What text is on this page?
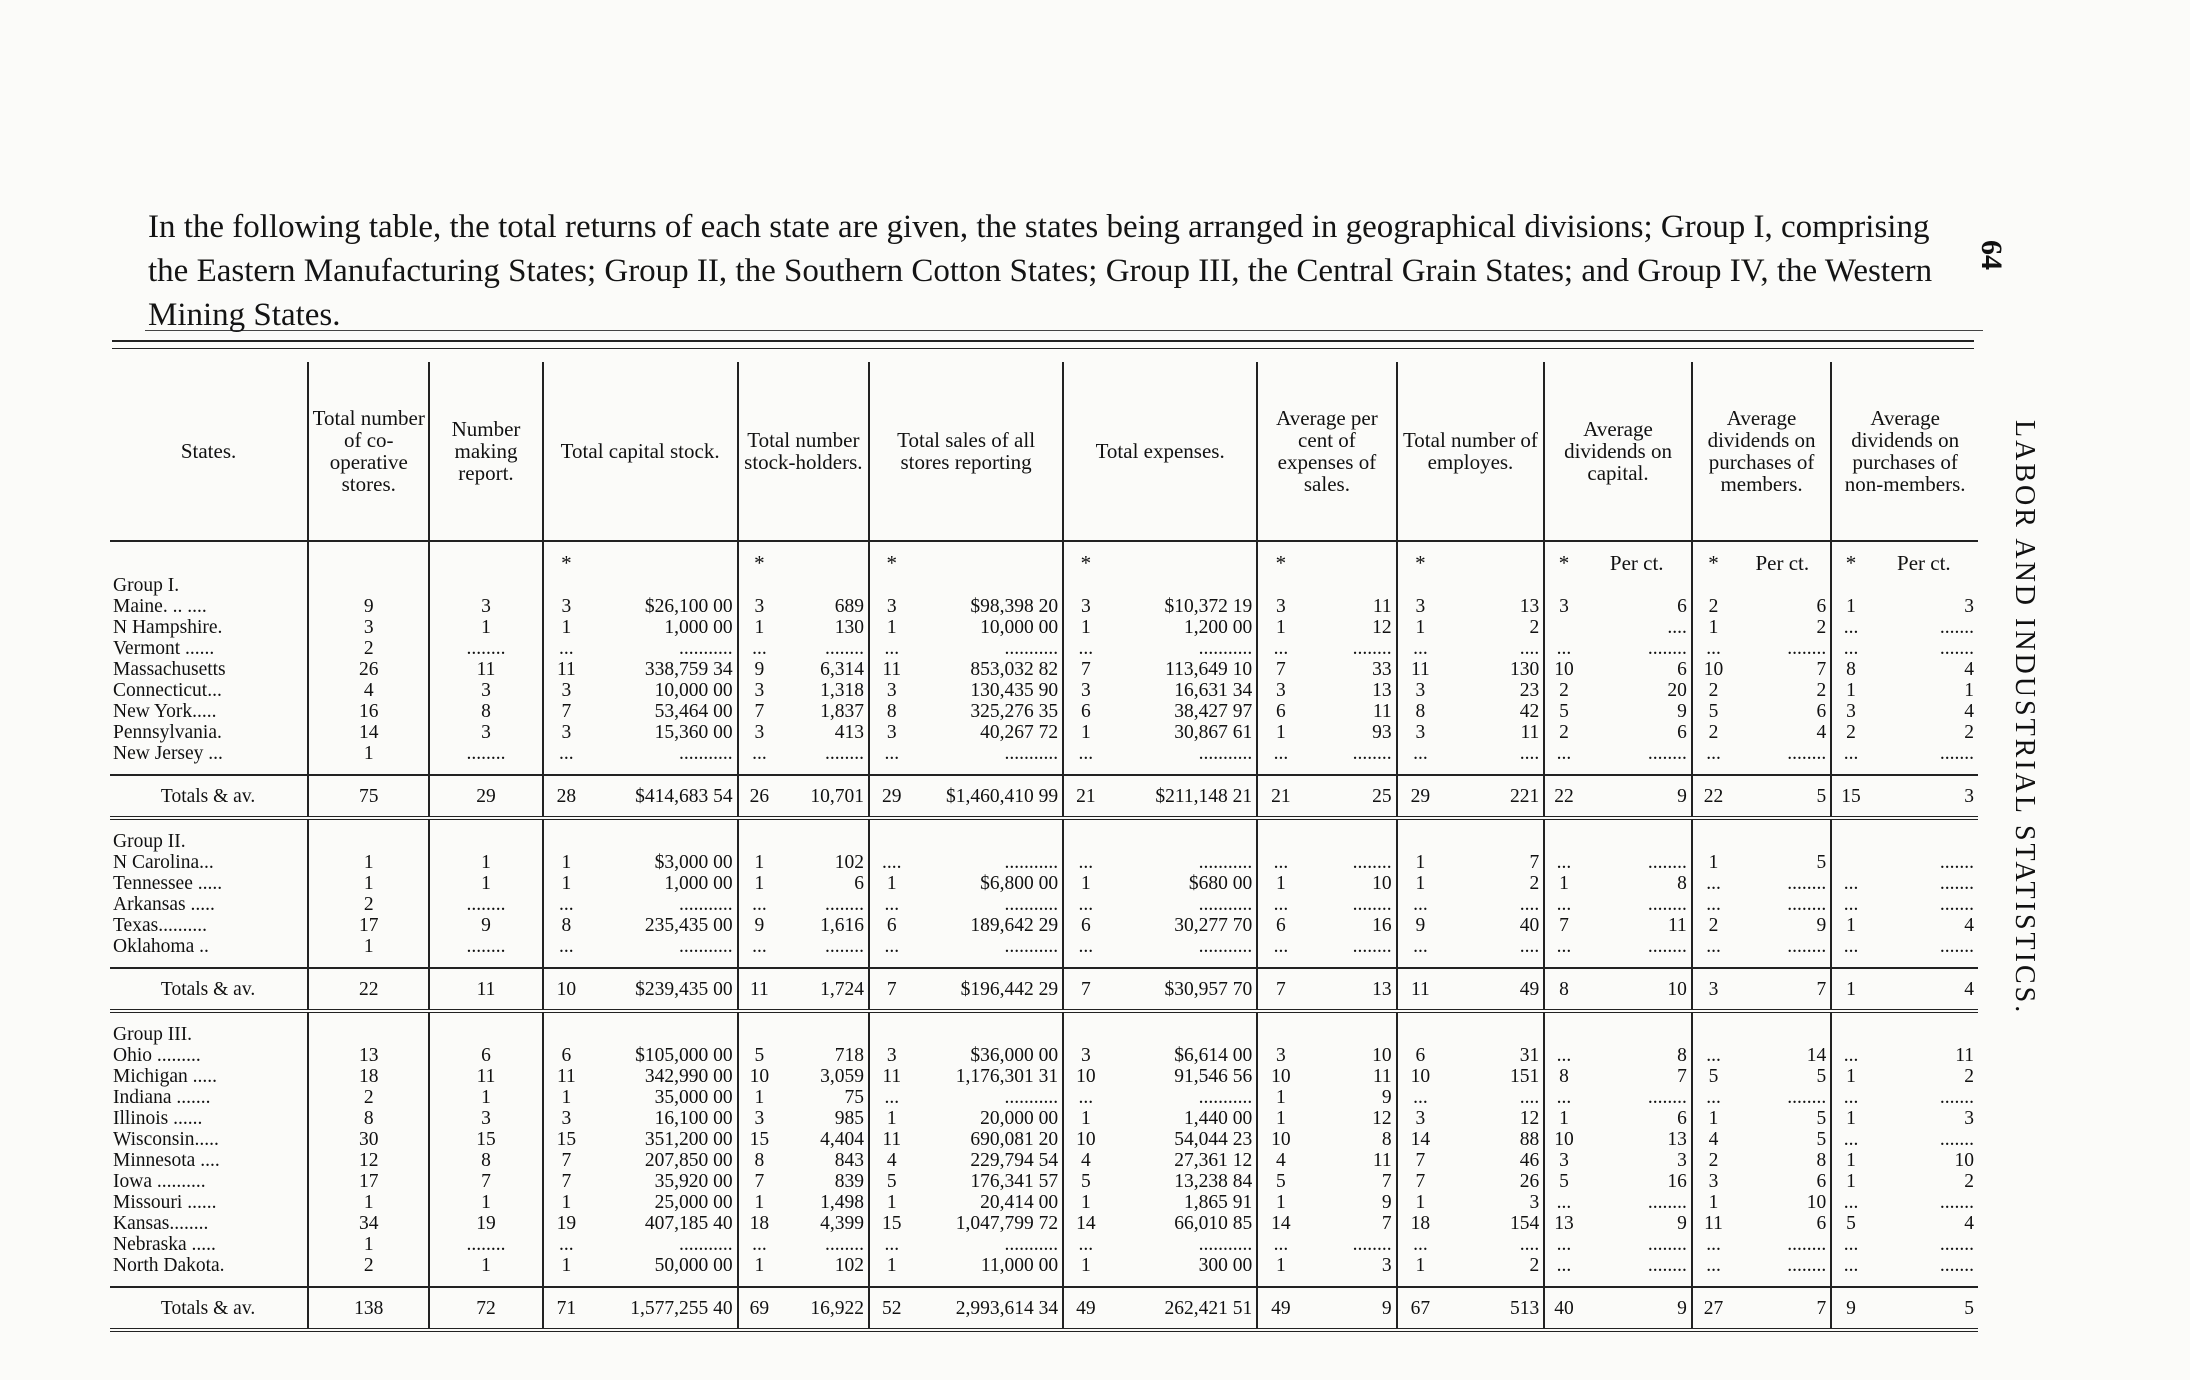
In the following table, the total returns of each state are given, the states being arranged in geographical divisions; Group I, comprising the Eastern Manufacturing States; Group II, the Southern Cotton States; Group III, the Central Grain States; and Group IV, the Western Mining States.
64
LABOR AND INDUSTRIAL STATISTICS.
States.	Total number of co-operative stores.	Number making report.	Total capital stock.		Total number stock-holders.		Total sales of all stores reporting		Total expenses.		Average per cent of expenses of sales.		Total number of employes.		Average dividends on capital.		Average dividends on purchases of members.		Average dividends on purchases of non-members.	
			*		*		*		*		*		*		*	Per ct.	*	Per ct.	*	Per ct.
Group I.																				
Maine. .. ....	9	3	3	$26,100 00	3	689	3	$98,398 20	3	$10,372 19	3	11	3	13	3	6	2	6	1	3
N Hampshire.	3	1	1	1,000 00	1	130	1	10,000 00	1	1,200 00	1	12	1	2		....	1	2	...	.......
Vermont ......	2	........	...	...........	...	........	...	...........	...	...........	...	........	...	....	...	........	...	........	...	.......
Massachusetts	26	11	11	338,759 34	9	6,314	11	853,032 82	7	113,649 10	7	33	11	130	10	6	10	7	8	4
Connecticut...	4	3	3	10,000 00	3	1,318	3	130,435 90	3	16,631 34	3	13	3	23	2	20	2	2	1	1
New York.....	16	8	7	53,464 00	7	1,837	8	325,276 35	6	38,427 97	6	11	8	42	5	9	5	6	3	4
Pennsylvania.	14	3	3	15,360 00	3	413	3	40,267 72	1	30,867 61	1	93	3	11	2	6	2	4	2	2
New Jersey ...	1	........	...	...........	...	........	...	...........	...	...........	...	........	...	....	...	........	...	........	...	.......

Totals & av.	75	29	28	$414,683 54	26	10,701	29	$1,460,410 99	21	$211,148 21	21	25	29	221	22	9	22	5	15	3

Group II.																				
N Carolina...	1	1	1	$3,000 00	1	102	....	...........	...	...........	...	........	1	7	...	........	1	5		.......
Tennessee .....	1	1	1	1,000 00	1	6	1	$6,800 00	1	$680 00	1	10	1	2	1	8	...	........	...	.......
Arkansas .....	2	........	...	...........	...	........	...	...........	...	...........	...	........	...	....	...	........	...	........	...	.......
Texas..........	17	9	8	235,435 00	9	1,616	6	189,642 29	6	30,277 70	6	16	9	40	7	11	2	9	1	4
Oklahoma ..	1	........	...	...........	...	........	...	...........	...	...........	...	........	...	....	...	........	...	........	...	.......

Totals & av.	22	11	10	$239,435 00	11	1,724	7	$196,442 29	7	$30,957 70	7	13	11	49	8	10	3	7	1	4

Group III.																				
Ohio .........	13	6	6	$105,000 00	5	718	3	$36,000 00	3	$6,614 00	3	10	6	31	...	8	...	14	...	11
Michigan .....	18	11	11	342,990 00	10	3,059	11	1,176,301 31	10	91,546 56	10	11	10	151	8	7	5	5	1	2
Indiana .......	2	1	1	35,000 00	1	75	...	...........	...	...........	1	9	...	....	...	........	...	........	...	.......
Illinois ......	8	3	3	16,100 00	3	985	1	20,000 00	1	1,440 00	1	12	3	12	1	6	1	5	1	3
Wisconsin.....	30	15	15	351,200 00	15	4,404	11	690,081 20	10	54,044 23	10	8	14	88	10	13	4	5	...	.......
Minnesota ....	12	8	7	207,850 00	8	843	4	229,794 54	4	27,361 12	4	11	7	46	3	3	2	8	1	10
Iowa ..........	17	7	7	35,920 00	7	839	5	176,341 57	5	13,238 84	5	7	7	26	5	16	3	6	1	2
Missouri ......	1	1	1	25,000 00	1	1,498	1	20,414 00	1	1,865 91	1	9	1	3	...	........	1	10	...	.......
Kansas........	34	19	19	407,185 40	18	4,399	15	1,047,799 72	14	66,010 85	14	7	18	154	13	9	11	6	5	4
Nebraska .....	1	........	...	...........	...	........	...	...........	...	...........	...	........	...	....	...	........	...	........	...	.......
North Dakota.	2	1	1	50,000 00	1	102	1	11,000 00	1	300 00	1	3	1	2	...	........	...	........	...	.......

Totals & av.	138	72	71	1,577,255 40	69	16,922	52	2,993,614 34	49	262,421 51	49	9	67	513	40	9	27	7	9	5
